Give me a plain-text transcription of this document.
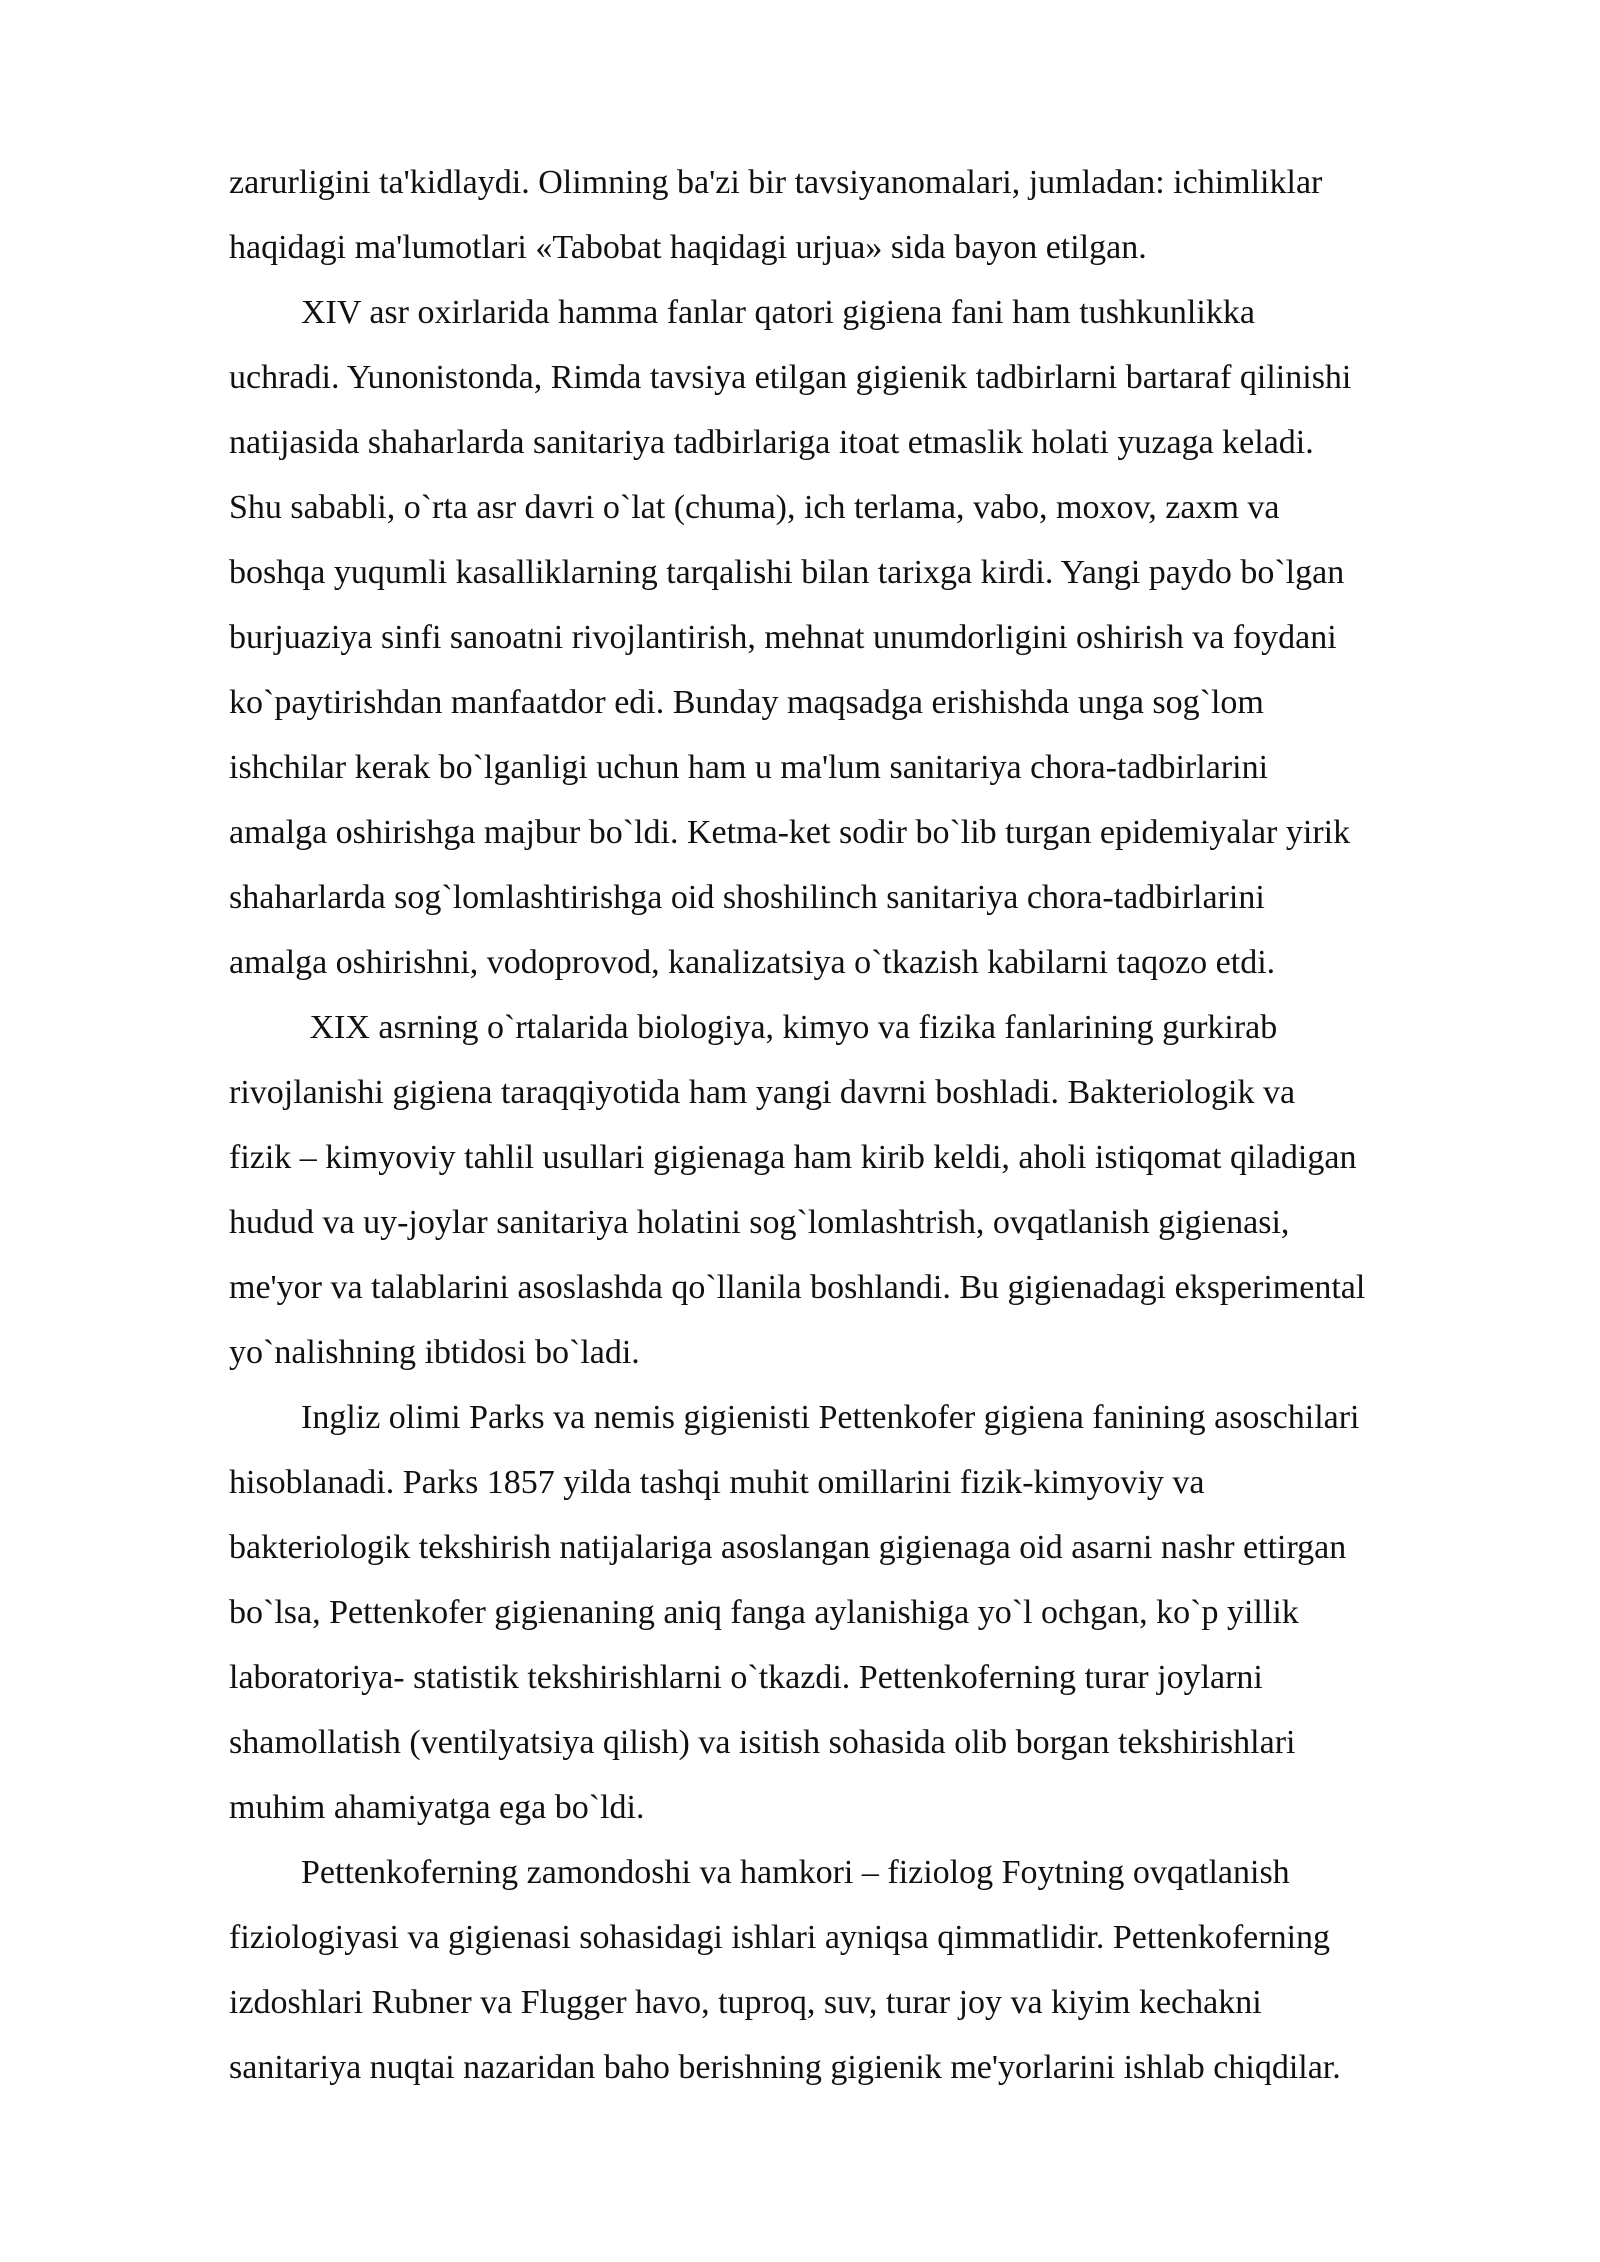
zarurligini ta'kidlaydi. Olimning ba'zi bir tavsiyanomalari, jumladan: ichimliklar
haqidagi ma'lumotlari «Tabobat haqidagi urjua» sida bayon etilgan.
XIV asr oxirlarida hamma fanlar qatori gigiena fani ham tushkunlikka
uchradi. Yunonistonda, Rimda tavsiya etilgan gigienik tadbirlarni bartaraf qilinishi
natijasida shaharlarda sanitariya tadbirlariga itoat etmaslik holati yuzaga keladi.
Shu sababli, o`rta asr davri o`lat (chuma), ich terlama, vabo, moxov, zaxm va
boshqa yuqumli kasalliklarning tarqalishi bilan tarixga kirdi. Yangi paydo bo`lgan
burjuaziya sinfi sanoatni rivojlantirish, mehnat unumdorligini oshirish va foydani
ko`paytirishdan manfaatdor edi. Bunday maqsadga erishishda unga sog`lom
ishchilar kerak bo`lganligi uchun ham u ma'lum sanitariya chora-tadbirlarini
amalga oshirishga majbur bo`ldi. Ketma-ket sodir bo`lib turgan epidemiyalar yirik
shaharlarda sog`lomlashtirishga oid shoshilinch sanitariya chora-tadbirlarini
amalga oshirishni, vodoprovod, kanalizatsiya o`tkazish kabilarni taqozo etdi.
XIX asrning o`rtalarida biologiya, kimyo va fizika fanlarining gurkirab
rivojlanishi gigiena taraqqiyotida ham yangi davrni boshladi. Bakteriologik va
fizik – kimyoviy tahlil usullari gigienaga ham kirib keldi, aholi istiqomat qiladigan
hudud va uy-joylar sanitariya holatini sog`lomlashtrish, ovqatlanish gigienasi,
me'yor va talablarini asoslashda qo`llanila boshlandi. Bu gigienadagi eksperimental
yo`nalishning ibtidosi bo`ladi.
Ingliz olimi Parks va nemis gigienisti Pettenkofer gigiena fanining asoschilari
hisoblanadi. Parks 1857 yilda tashqi muhit omillarini fizik-kimyoviy va
bakteriologik tekshirish natijalariga asoslangan gigienaga oid asarni nashr ettirgan
bo`lsa, Pettenkofer gigienaning aniq fanga aylanishiga yo`l ochgan, ko`p yillik
laboratoriya- statistik tekshirishlarni o`tkazdi. Pettenkoferning turar joylarni
shamollatish (ventilyatsiya qilish) va isitish sohasida olib borgan tekshirishlari
muhim ahamiyatga ega bo`ldi.
Pettenkoferning zamondoshi va hamkori – fiziolog Foytning ovqatlanish
fiziologiyasi va gigienasi sohasidagi ishlari ayniqsa qimmatlidir. Pettenkoferning
izdoshlari Rubner va Flugger havo, tuproq, suv, turar joy va kiyim kechakni
sanitariya nuqtai nazaridan baho berishning gigienik me'yorlarini ishlab chiqdilar.
